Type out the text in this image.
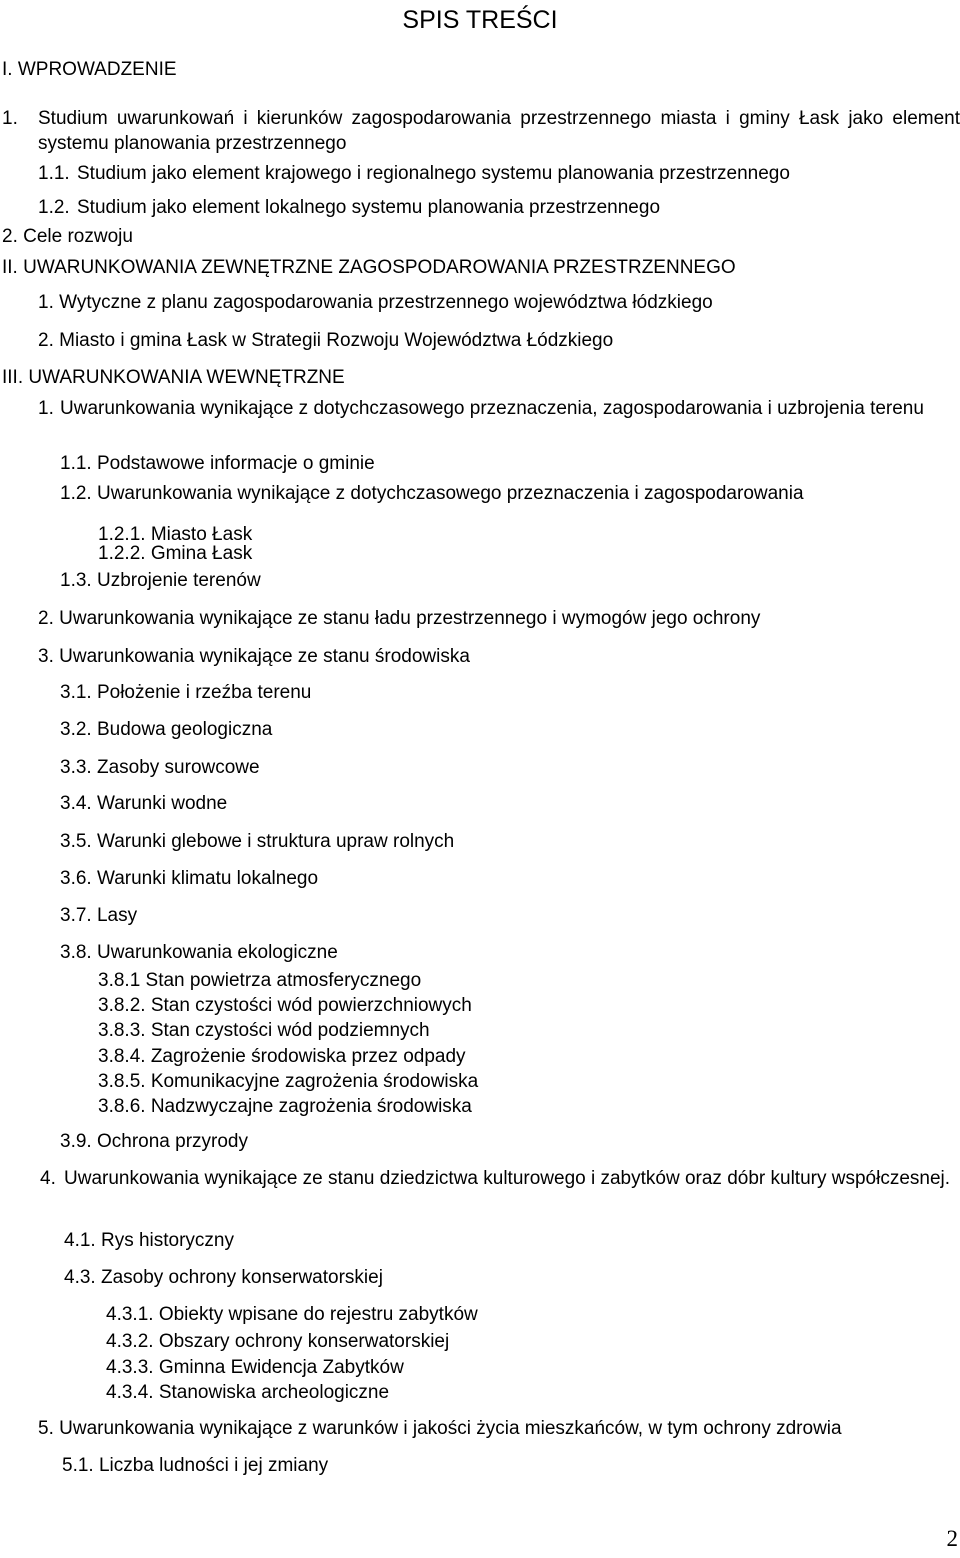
SPIS TREŚCI
I. WPROWADZENIE
1. Studium uwarunkowań i kierunków zagospodarowania przestrzennego miasta i gminy Łask jako element systemu planowania przestrzennego
1.1. Studium jako element krajowego i regionalnego systemu planowania przestrzennego
1.2. Studium jako element lokalnego systemu planowania przestrzennego
2. Cele rozwoju
II. UWARUNKOWANIA ZEWNĘTRZNE ZAGOSPODAROWANIA PRZESTRZENNEGO
1. Wytyczne z planu zagospodarowania przestrzennego województwa łódzkiego
2. Miasto i gmina Łask w Strategii Rozwoju Województwa Łódzkiego
III. UWARUNKOWANIA WEWNĘTRZNE
1. Uwarunkowania wynikające z dotychczasowego przeznaczenia, zagospodarowania i uzbrojenia terenu
1.1. Podstawowe informacje o gminie
1.2. Uwarunkowania wynikające z dotychczasowego przeznaczenia i zagospodarowania
1.2.1. Miasto Łask
1.2.2. Gmina Łask
1.3. Uzbrojenie terenów
2. Uwarunkowania wynikające ze stanu ładu przestrzennego i wymogów jego ochrony
3. Uwarunkowania wynikające ze stanu środowiska
3.1. Położenie i rzeźba terenu
3.2. Budowa geologiczna
3.3. Zasoby surowcowe
3.4. Warunki wodne
3.5. Warunki glebowe i struktura upraw rolnych
3.6. Warunki klimatu lokalnego
3.7. Lasy
3.8. Uwarunkowania ekologiczne
3.8.1 Stan powietrza atmosferycznego
3.8.2. Stan czystości wód powierzchniowych
3.8.3. Stan czystości wód podziemnych
3.8.4. Zagrożenie środowiska przez odpady
3.8.5. Komunikacyjne zagrożenia środowiska
3.8.6. Nadzwyczajne zagrożenia środowiska
3.9. Ochrona przyrody
4. Uwarunkowania wynikające ze stanu dziedzictwa kulturowego i zabytków oraz dóbr kultury współczesnej.
4.1. Rys historyczny
4.3. Zasoby ochrony konserwatorskiej
4.3.1. Obiekty wpisane do rejestru zabytków
4.3.2. Obszary ochrony konserwatorskiej
4.3.3. Gminna Ewidencja Zabytków
4.3.4. Stanowiska archeologiczne
5. Uwarunkowania wynikające z warunków i jakości życia mieszkańców, w tym ochrony zdrowia
5.1. Liczba ludności i jej zmiany
2
